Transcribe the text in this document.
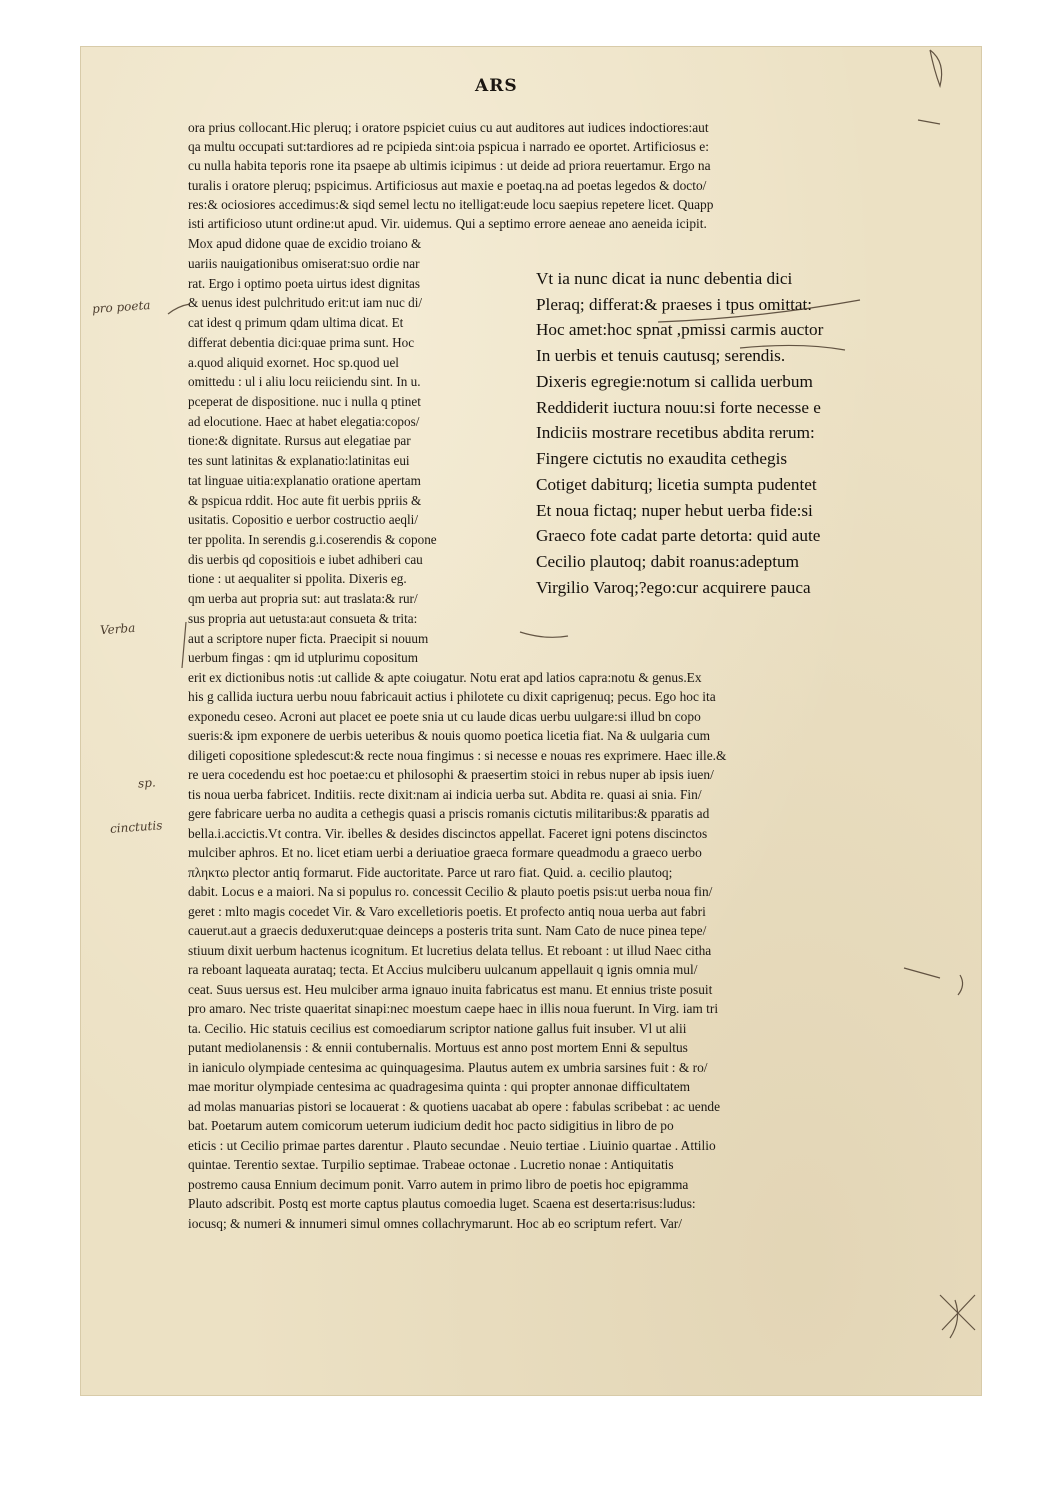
ARS
ora prius collocant.Hic pleruq; i oratore pspiciet cuius cu aut auditores aut iudices indoctiores:aut
qa multu occupati sut:tardiores ad re pcipieda sint:oia pspicua i narrado ee oportet. Artificiosus e:
cu nulla habita teporis rone ita psaepe ab ultimis icipimus : ut deide ad priora reuertamur. Ergo na
turalis i oratore pleruq; pspicimus. Artificiosus aut maxie e poetaq.na ad poetas legedos & docto/
res:& ociosiores accedimus:& siqd semel lectu no itelligat:eude locu saepius repetere licet. Quapp
isti artificioso utunt ordine:ut apud. Vir. uidemus. Qui a septimo errore aeneae ano aeneida icipit.
Mox apud didone quae de excidio troiano &
uariis nauigationibus omiserat:suo ordie nar
rat. Ergo i optimo poeta uirtus idest dignitas
& uenus idest pulchritudo erit:ut iam nuc di/
cat idest q primum qdam ultima dicat. Et
differat debentia dici:quae prima sunt. Hoc
a.quod aliquid exornet. Hoc sp.quod uel
omittedu : ul i aliu locu reiiciendu sint. In u.
pceperat de dispositione. nuc i nulla q ptinet
ad elocutione. Haec at habet elegatia:copos/
tione:& dignitate. Rursus aut elegatiae par
tes sunt latinitas & explanatio:latinitas eui
tat linguae uitia:explanatio oratione apertam
& pspicua rddit. Hoc aute fit uerbis ppriis &
usitatis. Copositio e uerbor costructio aeqli/
ter ppolita. In serendis g.i.coserendis & copone
dis uerbis qd copositiois e iubet adhiberi cau
tione : ut aequaliter si ppolita. Dixeris eg.
qm uerba aut propria sut: aut traslata:& rur/
sus propria aut uetusta:aut consueta & trita:
aut a scriptore nuper ficta. Praecipit si nouum
uerbum fingas : qm id utplurimu copositum
Vt ia nunc dicat ia nunc debentia dici
Pleraq; differat:& praeses i tpus omittat:
Hoc amet:hoc spnat ,pmissi carmis auctor
In uerbis et tenuis cautusq; serendis.
Dixeris egregie:notum si callida uerbum
Reddiderit iuctura nouu:si forte necesse e
Indiciis mostrare recetibus abdita rerum:
Fingere cictutis no exaudita cethegis
Cotiget dabiturq; licetia sumpta pudentet
Et noua fictaq; nuper hebut uerba fide:si
Graeco fote cadat parte detorta: quid aute
Cecilio plautoq; dabit roanus:adeptum
Virgilio Varoq;?ego:cur acquirere pauca
erit ex dictionibus notis :ut callide & apte coiugatur. Notu erat apd latios capra:notu & genus.Ex
his g callida iuctura uerbu nouu fabricauit actius i philotete cu dixit caprigenuq; pecus. Ego hoc ita
exponedu ceseo. Acroni aut placet ee poete snia ut cu laude dicas uerbu uulgare:si illud bn copo
sueris:& ipm exponere de uerbis ueteribus & nouis quomo poetica licetia fiat. Na & uulgaria cum
diligeti copositione spledescut:& recte noua fingimus : si necesse e nouas res exprimere. Haec ille.&
re uera cocedendu est hoc poetae:cu et philosophi & praesertim stoici in rebus nuper ab ipsis iuen/
tis noua uerba fabricet. Inditiis. recte dixit:nam ai indicia uerba sut. Abdita re. quasi ai snia. Fin/
gere fabricare uerba no audita a cethegis quasi a priscis romanis cictutis militaribus:& pparatis ad
bella.i.accictis.Vt contra. Vir. ibelles & desides discinctos appellat. Faceret igni potens discinctos
mulciber aphros. Et no. licet etiam uerbi a deriuatioe graeca formare queadmodu a graeco uerbo
πληκτω plector antiq formarut. Fide auctoritate. Parce ut raro fiat. Quid. a. cecilio plautoq;
dabit. Locus e a maiori. Na si populus ro. concessit Cecilio & plauto poetis psis:ut uerba noua fin/
geret : mlto magis cocedet Vir. & Varo excelletioris poetis. Et profecto antiq noua uerba aut fabri
cauerut.aut a graecis deduxerut:quae deinceps a posteris trita sunt. Nam Cato de nuce pinea tepe/
stiuum dixit uerbum hactenus icognitum. Et lucretius delata tellus. Et reboant : ut illud Naec citha
ra reboant laqueata aurataq; tecta. Et Accius mulciberu uulcanum appellauit q ignis omnia mul/
ceat. Suus uersus est. Heu mulciber arma ignauo inuita fabricatus est manu. Et ennius triste posuit
pro amaro. Nec triste quaeritat sinapi:nec moestum caepe haec in illis noua fuerunt. In Virg. iam tri
ta. Cecilio. Hic statuis cecilius est comoediarum scriptor natione gallus fuit insuber. Vl ut alii
putant mediolanensis : & ennii contubernalis. Mortuus est anno post mortem Enni & sepultus
in ianiculo olympiade centesima ac quinquagesima. Plautus autem ex umbria sarsines fuit : & ro/
mae moritur olympiade centesima ac quadragesima quinta : qui propter annonae difficultatem
ad molas manuarias pistori se locauerat : & quotiens uacabat ab opere : fabulas scribebat : ac uende
bat. Poetarum autem comicorum ueterum iudicium dedit hoc pacto sidigitius in libro de po
eticis : ut Cecilio primae partes darentur . Plauto secundae . Neuio tertiae . Liuinio quartae . Attilio
quintae. Terentio sextae. Turpilio septimae. Trabeae octonae . Lucretio nonae : Antiquitatis
postremo causa Ennium decimum ponit. Varro autem in primo libro de poetis hoc epigramma
Plauto adscribit. Postq est morte captus plautus comoedia luget. Scaena est deserta:risus:ludus:
iocusq; & numeri & innumeri simul omnes collachrymarunt. Hoc ab eo scriptum refert. Var/
pro poeta
Verba
sp.
cinctutis
